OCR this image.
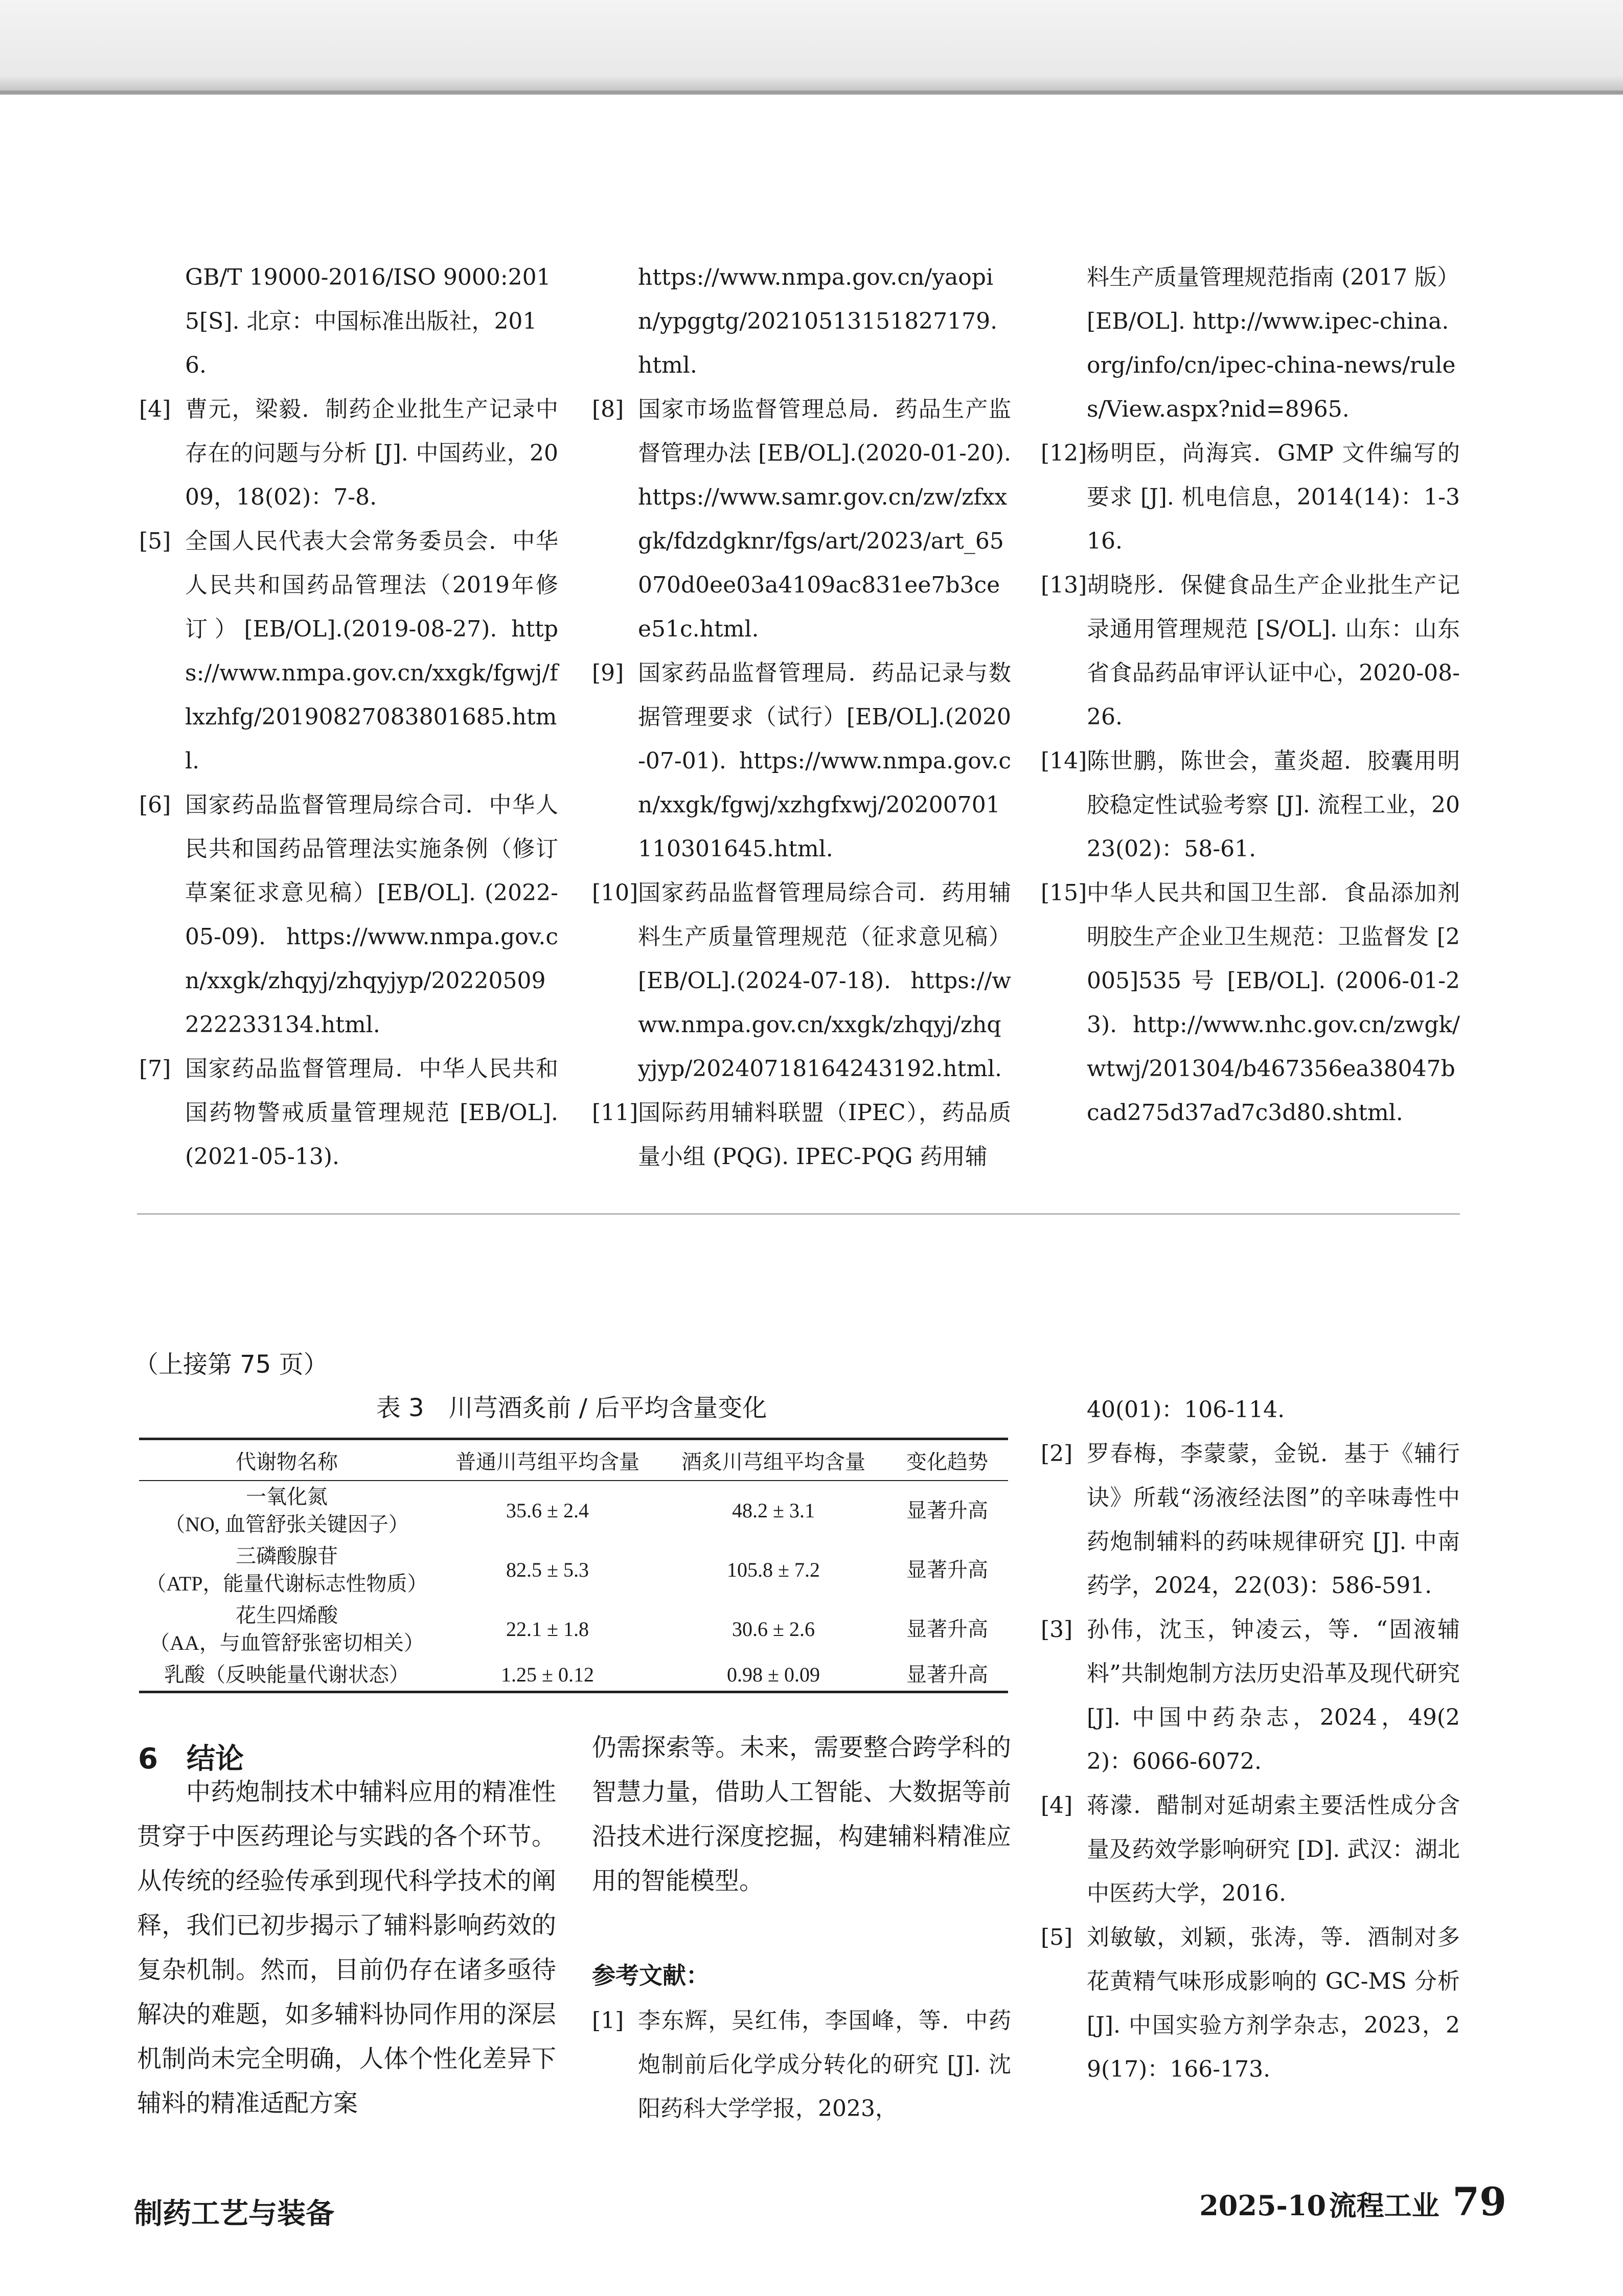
GB/T 19000-2016/ISO 9000:2015[S]. 北京：中国标准出版社，2016.

[4] 曹元，梁毅．制药企业批生产记录中存在的问题与分析 [J]. 中国药业，2009，18(02)：7-8.

[5] 全国人民代表大会常务委员会．中华人民共和国药品管理法（2019年修订）[EB/OL].(2019-08-27). https://www.nmpa.gov.cn/xxgk/fgwj/flxzhfg/20190827083801685.html.

[6] 国家药品监督管理局综合司．中华人民共和国药品管理法实施条例（修订草案征求意见稿）[EB/OL]. (2022-05-09). https://www.nmpa.gov.cn/xxgk/zhqyj/zhqyjyp/20220509222233134.html.

[7] 国家药品监督管理局．中华人民共和国药物警戒质量管理规范 [EB/OL].(2021-05-13).

https://www.nmpa.gov.cn/yaopin/ypggtg/20210513151827179.html.

[8] 国家市场监督管理总局．药品生产监督管理办法 [EB/OL].(2020-01-20). https://www.samr.gov.cn/zw/zfxxgk/fdzdgknr/fgs/art/2023/art_65070d0ee03a4109ac831ee7b3cee51c.html.

[9] 国家药品监督管理局．药品记录与数据管理要求（试行）[EB/OL].(2020-07-01). https://www.nmpa.gov.cn/xxgk/fgwj/xzhgfxwj/20200701110301645.html.

[10] 国家药品监督管理局综合司．药用辅料生产质量管理规范（征求意见稿）[EB/OL].(2024-07-18). https://www.nmpa.gov.cn/xxgk/zhqyj/zhqyjyp/20240718164243192.html.

[11] 国际药用辅料联盟（IPEC），药品质量小组 (PQG). IPEC-PQG 药用辅

料生产质量管理规范指南 (2017 版）[EB/OL]. http://www.ipec-china.org/info/cn/ipec-china-news/rules/View.aspx?nid=8965.

[12] 杨明臣，尚海宾．GMP 文件编写的要求 [J]. 机电信息，2014(14)：1-316.

[13] 胡晓彤．保健食品生产企业批生产记录通用管理规范 [S/OL]. 山东：山东省食品药品审评认证中心，2020-08-26.

[14] 陈世鹏，陈世会，董炎超．胶囊用明胶稳定性试验考察 [J]. 流程工业，2023(02)：58-61.

[15] 中华人民共和国卫生部．食品添加剂明胶生产企业卫生规范：卫监督发 [2005]535 号 [EB/OL]. (2006-01-23). http://www.nhc.gov.cn/zwgk/wtwj/201304/b467356ea38047bcad275d37ad7c3d80.shtml.

（上接第 75 页）
表 3　川芎酒炙前 / 后平均含量变化
代谢物名称	普通川芎组平均含量	酒炙川芎组平均含量	变化趋势

一氧化氮
（NO, 血管舒张关键因子）	35.6 ± 2.4	48.2 ± 3.1	显著升高

三磷酸腺苷
（ATP，能量代谢标志性物质）	82.5 ± 5.3	105.8 ± 7.2	显著升高

花生四烯酸
（AA，与血管舒张密切相关）	22.1 ± 1.8	30.6 ± 2.6	显著升高

乳酸（反映能量代谢状态）	1.25 ± 0.12	0.98 ± 0.09	显著升高
6　结论

中药炮制技术中辅料应用的精准性贯穿于中医药理论与实践的各个环节。从传统的经验传承到现代科学技术的阐释，我们已初步揭示了辅料影响药效的复杂机制。然而，目前仍存在诸多亟待解决的难题，如多辅料协同作用的深层机制尚未完全明确，人体个性化差异下辅料的精准适配方案

仍需探索等。未来，需要整合跨学科的智慧力量，借助人工智能、大数据等前沿技术进行深度挖掘，构建辅料精准应用的智能模型。

参考文献：

[1] 李东辉，吴红伟，李国峰，等．中药炮制前后化学成分转化的研究 [J]. 沈阳药科大学学报，2023，

40(01)：106-114.

[2] 罗春梅，李蒙蒙，金锐．基于《辅行诀》所载“汤液经法图”的辛味毒性中药炮制辅料的药味规律研究 [J]. 中南药学，2024，22(03)：586-591.

[3] 孙伟，沈玉，钟凌云，等．“固液辅料”共制炮制方法历史沿革及现代研究 [J]. 中国中药杂志，2024，49(22)：6066-6072.

[4] 蒋濛．醋制对延胡索主要活性成分含量及药效学影响研究 [D]. 武汉：湖北中医药大学，2016.

[5] 刘敏敏，刘颖，张涛，等．酒制对多花黄精气味形成影响的 GC-MS 分析 [J]. 中国实验方剂学杂志，2023，29(17)：166-173.

制药工艺与装备	2025-10 流程工业 79
